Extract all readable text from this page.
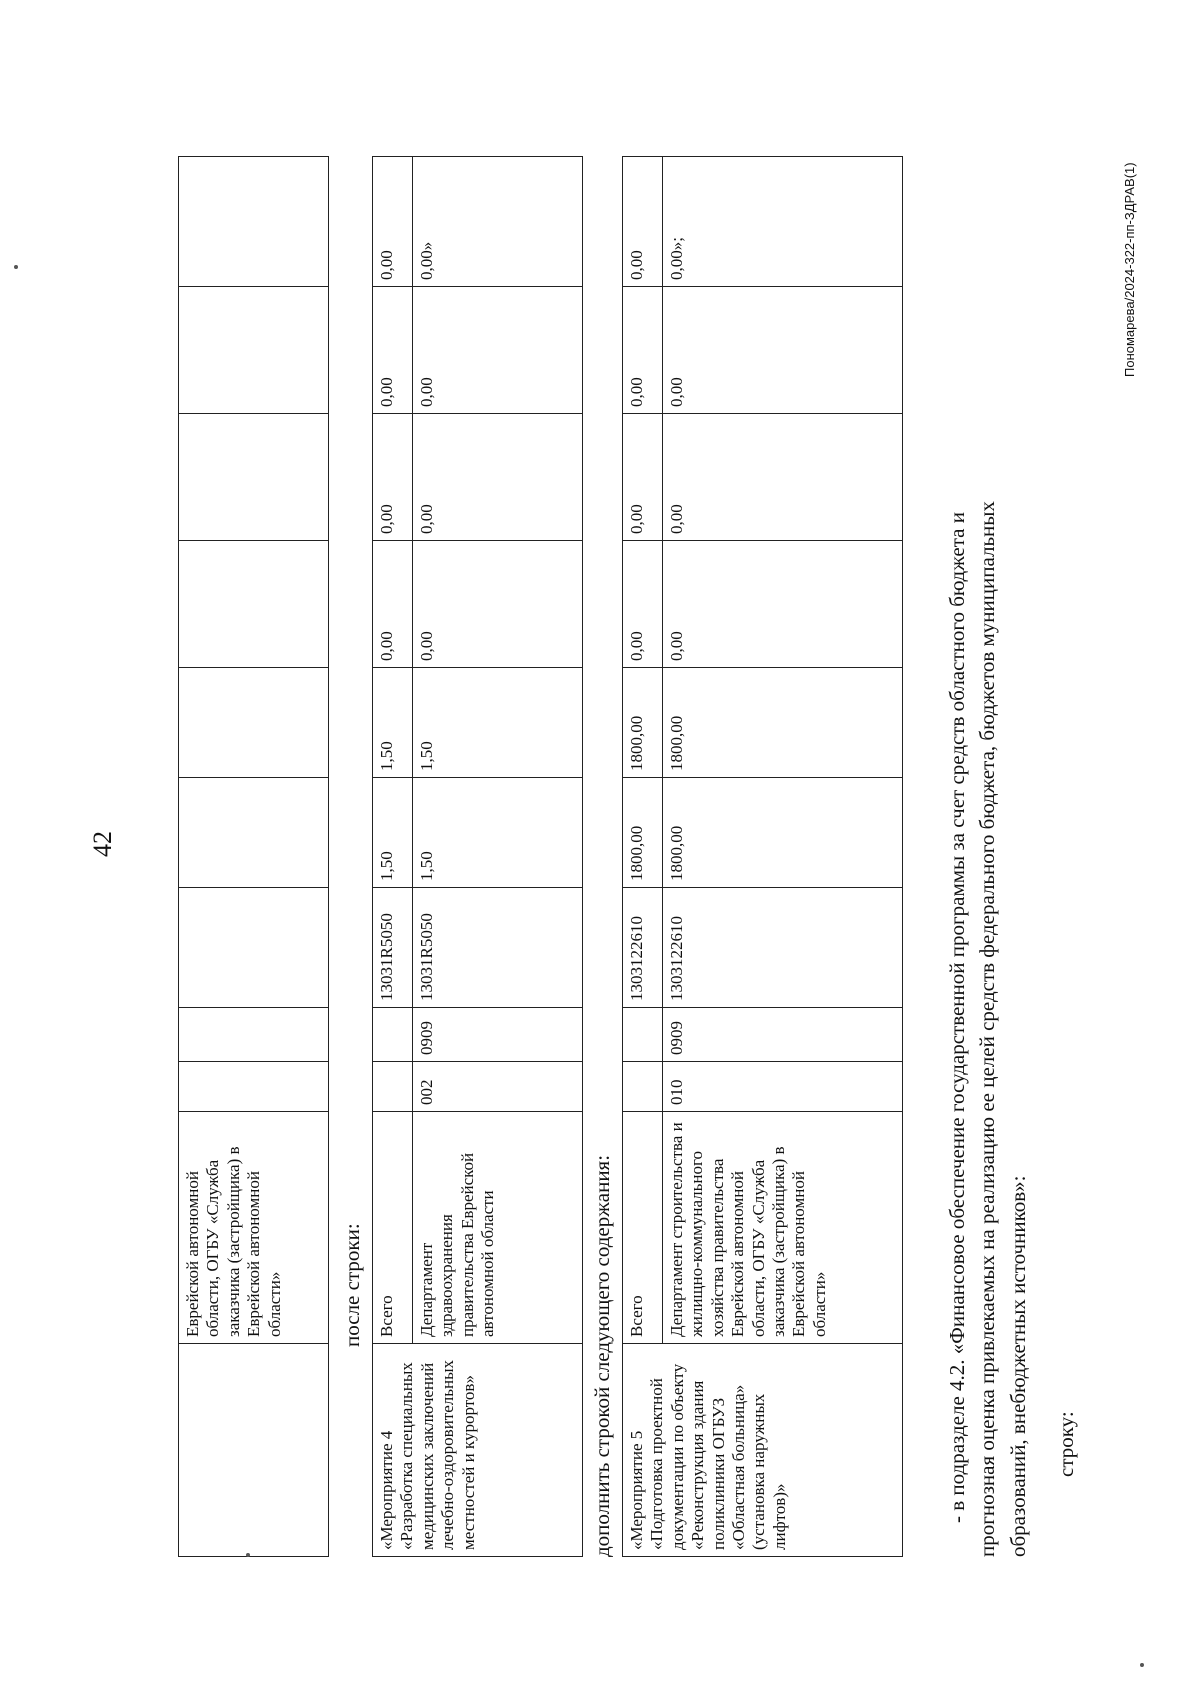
42
	Еврейской автономной области, ОГБУ «Служба заказчика (застройщика) в Еврейской автономной области»										после строки:
«Мероприятие 4 «Разработка специальных медицинских заключений лечебно-оздоровительных местностей и курортов»	Всего			13031R5050	1,50	1,50	0,00	0,00	0,00	0,00
	Департамент здравоохранения правительства Еврейской автономной области	002	0909	13031R5050	1,50	1,50	0,00	0,00	0,00	0,00»
дополнить строкой следующего содержания: «Мероприятие 5 «Подготовка проектной документации по объекту «Реконструкция здания поликлиники ОГБУЗ «Областная больница» (установка наружных лифтов)»	Всего			1303122610	1800,00	1800,00	0,00	0,00	0,00	0,00
	Департамент строительства и жилищно-коммунального хозяйства правительства Еврейской автономной области, ОГБУ «Служба заказчика (застройщика) в Еврейской автономной области»	010	0909	1303122610	1800,00	1800,00	0,00	0,00	0,00	0,00»;
- в подразделе 4.2. «Финансовое обеспечение государственной программы за счет средств областного бюджета и прогнозная оценка привлекаемых на реализацию ее целей средств федерального бюджета, бюджетов муниципальных образований, внебюджетных источников»: строку:
Пономарева/2024-322-пп-ЗДРАВ(1)
